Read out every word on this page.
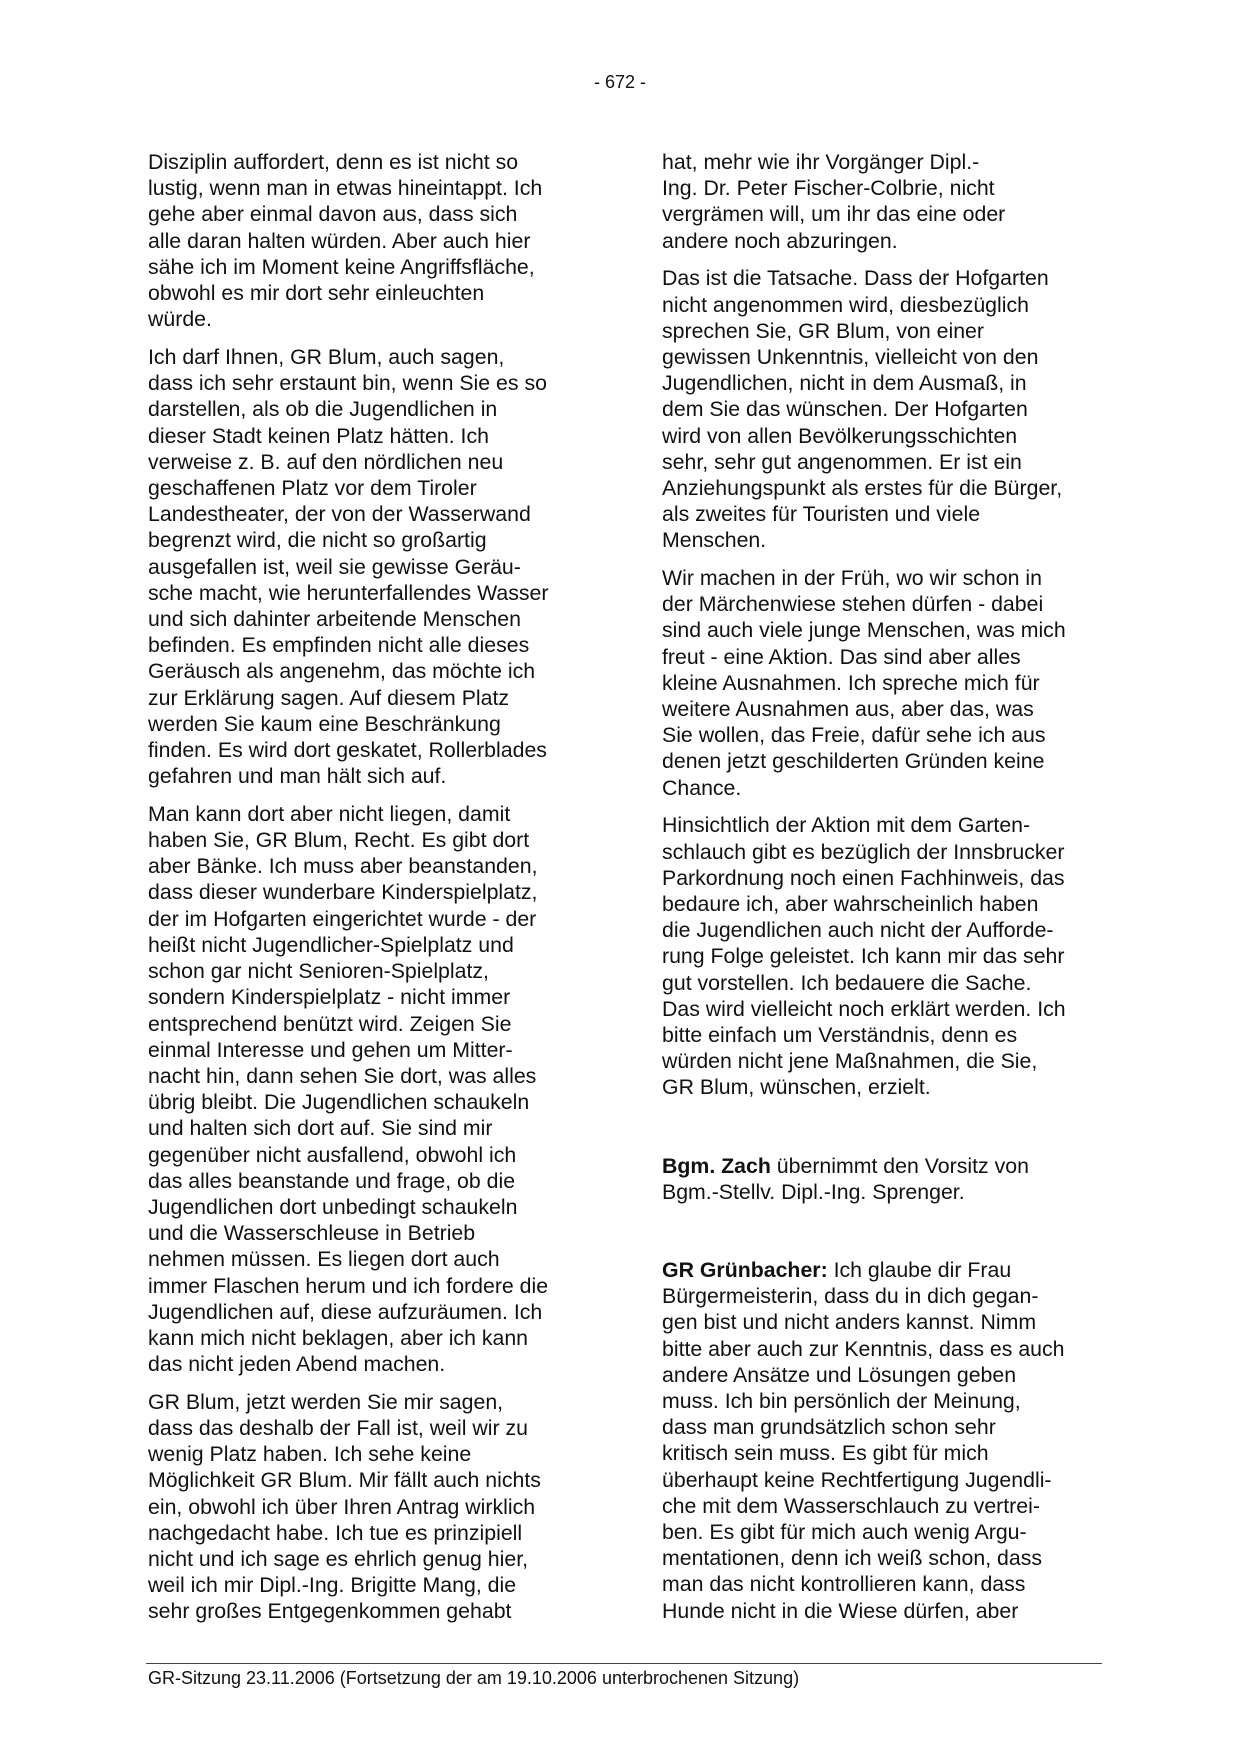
- 672 -

Disziplin auffordert, denn es ist nicht so
lustig, wenn man in etwas hineintappt. Ich
gehe aber einmal davon aus, dass sich
alle daran halten würden. Aber auch hier
sähe ich im Moment keine Angriffsfläche,
obwohl es mir dort sehr einleuchten
würde.

Ich darf Ihnen, GR Blum, auch sagen,
dass ich sehr erstaunt bin, wenn Sie es so
darstellen, als ob die Jugendlichen in
dieser Stadt keinen Platz hätten. Ich
verweise z. B. auf den nördlichen neu
geschaffenen Platz vor dem Tiroler
Landestheater, der von der Wasserwand
begrenzt wird, die nicht so großartig
ausgefallen ist, weil sie gewisse Geräu-
sche macht, wie herunterfallendes Wasser
und sich dahinter arbeitende Menschen
befinden. Es empfinden nicht alle dieses
Geräusch als angenehm, das möchte ich
zur Erklärung sagen. Auf diesem Platz
werden Sie kaum eine Beschränkung
finden. Es wird dort geskatet, Rollerblades
gefahren und man hält sich auf.

Man kann dort aber nicht liegen, damit
haben Sie, GR Blum, Recht. Es gibt dort
aber Bänke. Ich muss aber beanstanden,
dass dieser wunderbare Kinderspielplatz,
der im Hofgarten eingerichtet wurde - der
heißt nicht Jugendlicher-Spielplatz und
schon gar nicht Senioren-Spielplatz,
sondern Kinderspielplatz - nicht immer
entsprechend benützt wird. Zeigen Sie
einmal Interesse und gehen um Mitter-
nacht hin, dann sehen Sie dort, was alles
übrig bleibt. Die Jugendlichen schaukeln
und halten sich dort auf. Sie sind mir
gegenüber nicht ausfallend, obwohl ich
das alles beanstande und frage, ob die
Jugendlichen dort unbedingt schaukeln
und die Wasserschleuse in Betrieb
nehmen müssen. Es liegen dort auch
immer Flaschen herum und ich fordere die
Jugendlichen auf, diese aufzuräumen. Ich
kann mich nicht beklagen, aber ich kann
das nicht jeden Abend machen.

GR Blum, jetzt werden Sie mir sagen,
dass das deshalb der Fall ist, weil wir zu
wenig Platz haben. Ich sehe keine
Möglichkeit GR Blum. Mir fällt auch nichts
ein, obwohl ich über Ihren Antrag wirklich
nachgedacht habe. Ich tue es prinzipiell
nicht und ich sage es ehrlich genug hier,
weil ich mir Dipl.-Ing. Brigitte Mang, die
sehr großes Entgegenkommen gehabt

hat, mehr wie ihr Vorgänger Dipl.-
Ing. Dr. Peter Fischer-Colbrie, nicht
vergrämen will, um ihr das eine oder
andere noch abzuringen.

Das ist die Tatsache. Dass der Hofgarten
nicht angenommen wird, diesbezüglich
sprechen Sie, GR Blum, von einer
gewissen Unkenntnis, vielleicht von den
Jugendlichen, nicht in dem Ausmaß, in
dem Sie das wünschen. Der Hofgarten
wird von allen Bevölkerungsschichten
sehr, sehr gut angenommen. Er ist ein
Anziehungspunkt als erstes für die Bürger,
als zweites für Touristen und viele
Menschen.

Wir machen in der Früh, wo wir schon in
der Märchenwiese stehen dürfen - dabei
sind auch viele junge Menschen, was mich
freut - eine Aktion. Das sind aber alles
kleine Ausnahmen. Ich spreche mich für
weitere Ausnahmen aus, aber das, was
Sie wollen, das Freie, dafür sehe ich aus
denen jetzt geschilderten Gründen keine
Chance.

Hinsichtlich der Aktion mit dem Garten-
schlauch gibt es bezüglich der Innsbrucker
Parkordnung noch einen Fachhinweis, das
bedaure ich, aber wahrscheinlich haben
die Jugendlichen auch nicht der Aufforde-
rung Folge geleistet. Ich kann mir das sehr
gut vorstellen. Ich bedauere die Sache.
Das wird vielleicht noch erklärt werden. Ich
bitte einfach um Verständnis, denn es
würden nicht jene Maßnahmen, die Sie,
GR Blum, wünschen, erzielt.

Bgm. Zach übernimmt den Vorsitz von
Bgm.-Stellv. Dipl.-Ing. Sprenger.
GR Grünbacher: Ich glaube dir Frau
Bürgermeisterin, dass du in dich gegan-
gen bist und nicht anders kannst. Nimm
bitte aber auch zur Kenntnis, dass es auch
andere Ansätze und Lösungen geben
muss. Ich bin persönlich der Meinung,
dass man grundsätzlich schon sehr
kritisch sein muss. Es gibt für mich
überhaupt keine Rechtfertigung Jugendli-
che mit dem Wasserschlauch zu vertrei-
ben. Es gibt für mich auch wenig Argu-
mentationen, denn ich weiß schon, dass
man das nicht kontrollieren kann, dass
Hunde nicht in die Wiese dürfen, aber
GR-Sitzung 23.11.2006 (Fortsetzung der am 19.10.2006 unterbrochenen Sitzung)
